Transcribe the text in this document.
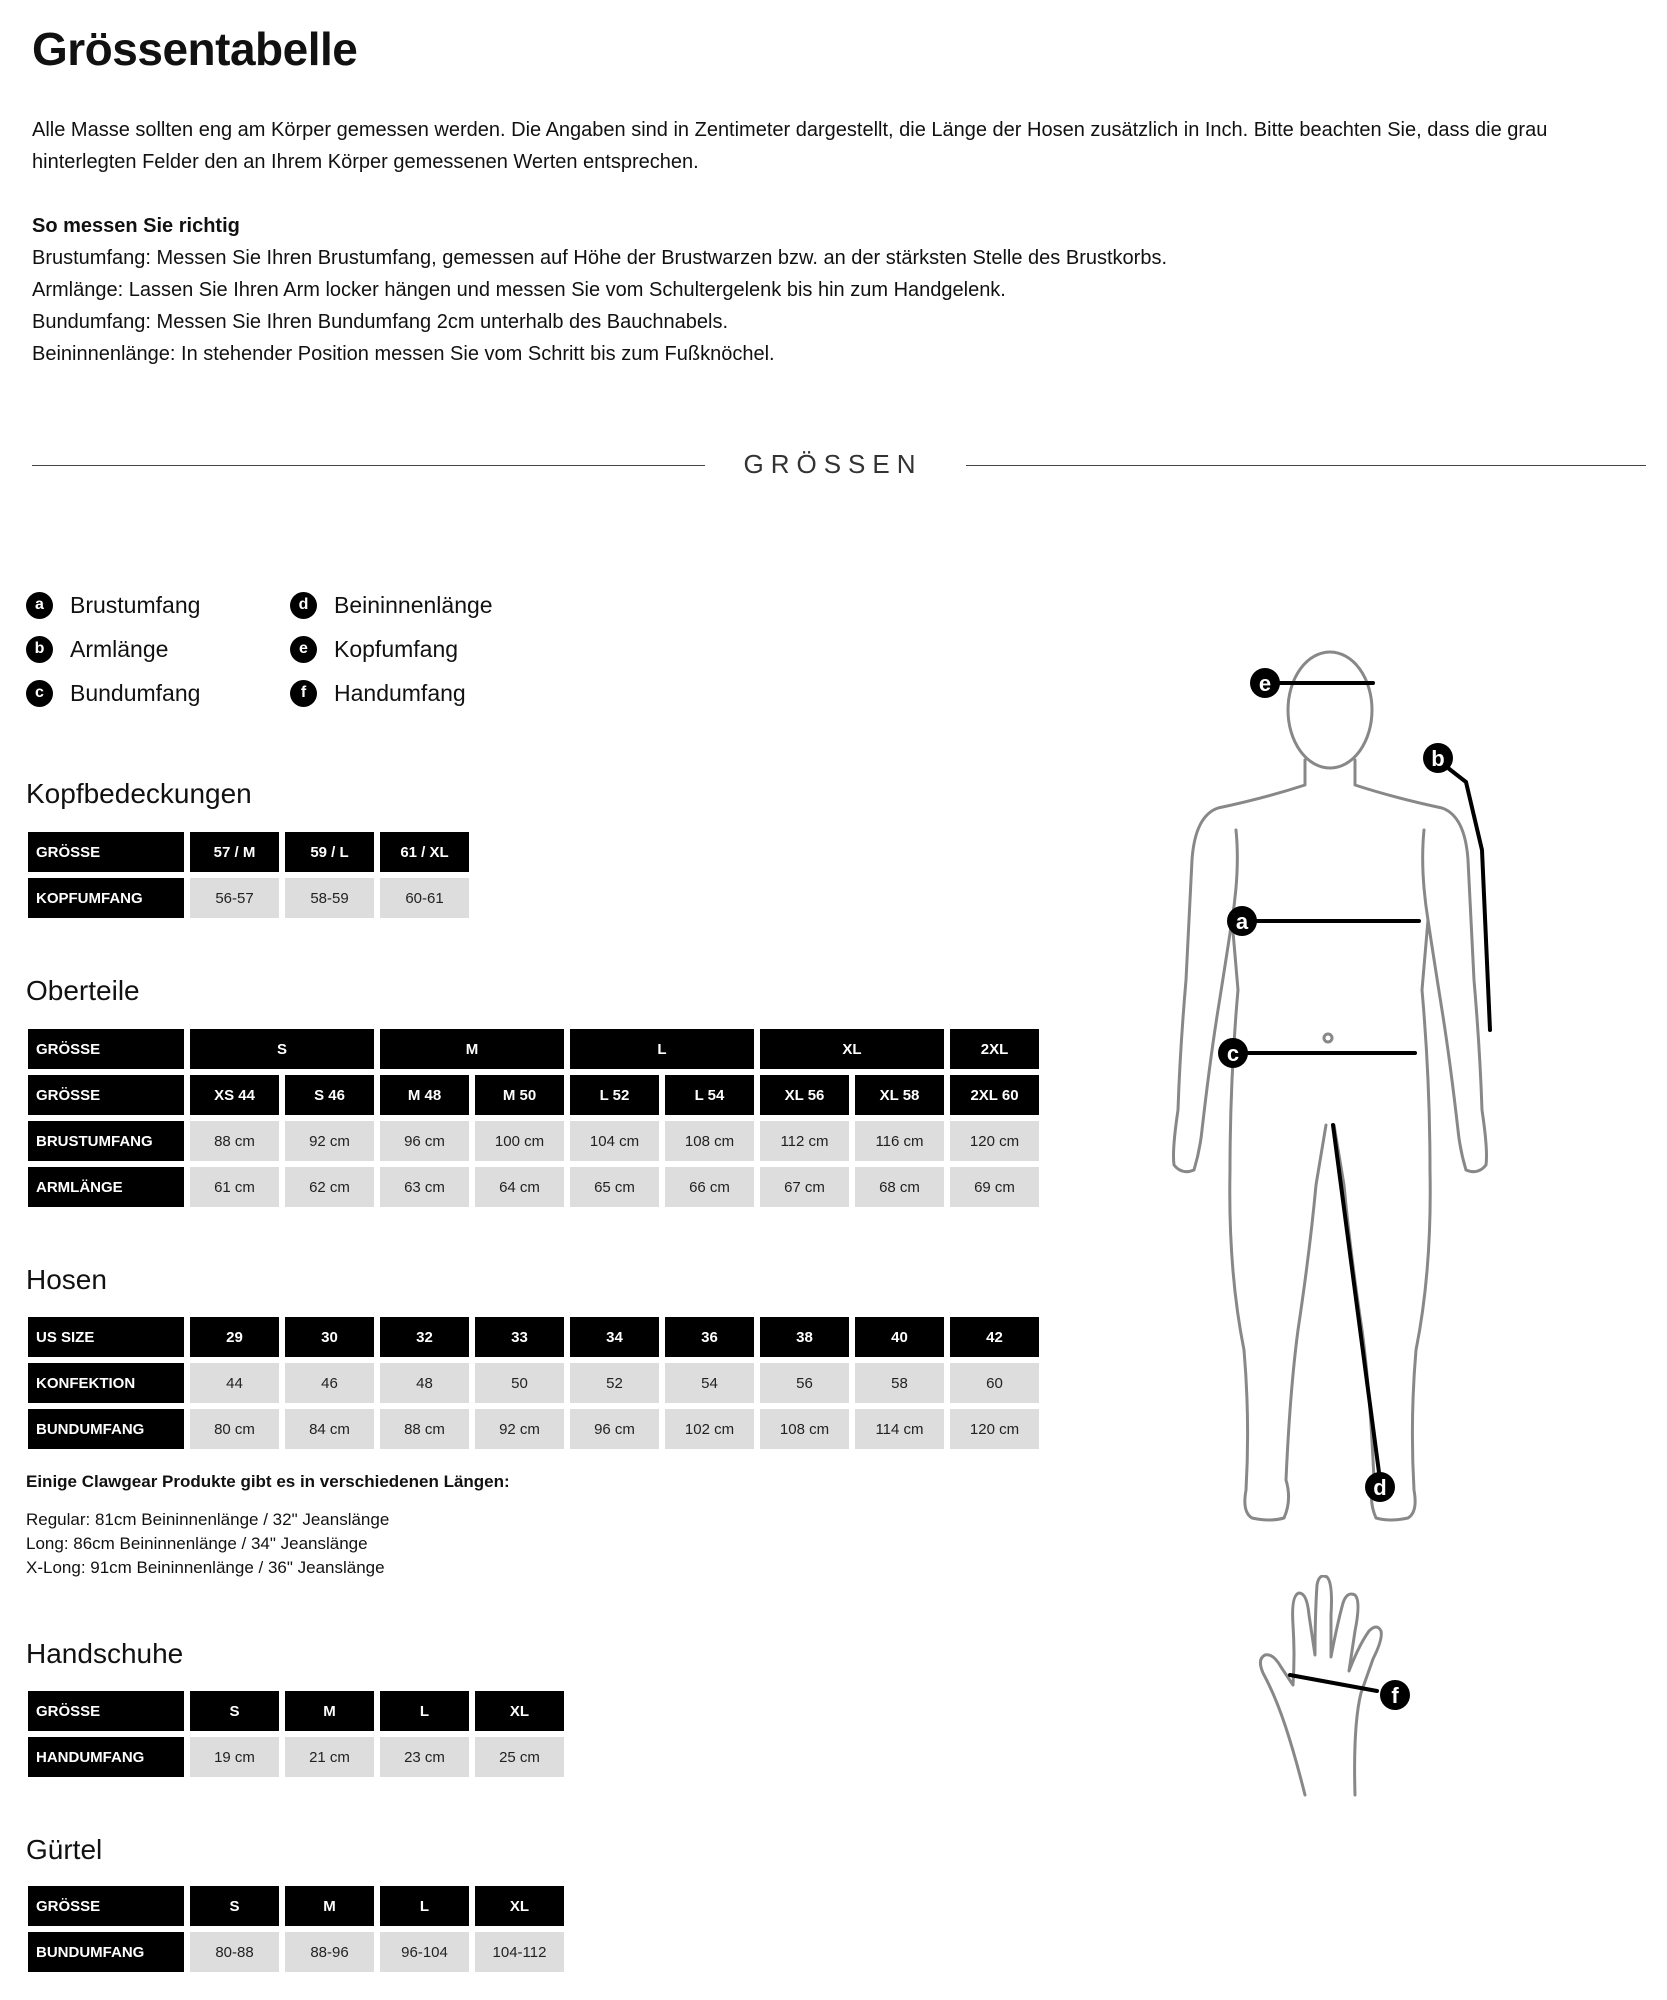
Grössentabelle

Alle Masse sollten eng am Körper gemessen werden. Die Angaben sind in Zentimeter dargestellt, die Länge der Hosen zusätzlich in Inch. Bitte beachten Sie, dass die grau hinterlegten Felder den an Ihrem Körper gemessenen Werten entsprechen.

So messen Sie richtig
Brustumfang: Messen Sie Ihren Brustumfang, gemessen auf Höhe der Brustwarzen bzw. an der stärksten Stelle des Brustkorbs.
Armlänge: Lassen Sie Ihren Arm locker hängen und messen Sie vom Schultergelenk bis hin zum Handgelenk.
Bundumfang: Messen Sie Ihren Bundumfang 2cm unterhalb des Bauchnabels.
Beininnenlänge: In stehender Position messen Sie vom Schritt bis zum Fußknöchel.
GRÖSSEN
a	Brustumfang
b	Armlänge
c	Bundumfang
d	Beininnenlänge
e	Kopfumfang
f	Handumfang
Kopfbedeckungen
GRÖSSE	57 / M	59 / L	61 / XL
KOPFUMFANG	56-57	58-59	60-61
Oberteile
GRÖSSE	S		M		L		XL		2XL
GRÖSSE	XS 44	S 46	M 48	M 50	L 52	L 54	XL 56	XL 58	2XL 60
BRUSTUMFANG	88 cm	92 cm	96 cm	100 cm	104 cm	108 cm	112 cm	116 cm	120 cm
ARMLÄNGE	61 cm	62 cm	63 cm	64 cm	65 cm	66 cm	67 cm	68 cm	69 cm
Hosen
US SIZE	29	30	32	33	34	36	38	40	42
KONFEKTION	44	46	48	50	52	54	56	58	60
BUNDUMFANG	80 cm	84 cm	88 cm	92 cm	96 cm	102 cm	108 cm	114 cm	120 cm
Einige Clawgear Produkte gibt es in verschiedenen Längen:
Regular: 81cm Beininnenlänge / 32" Jeanslänge
Long: 86cm Beininnenlänge / 34" Jeanslänge
X-Long: 91cm Beininnenlänge / 36" Jeanslänge
Handschuhe
GRÖSSE	S	M	L	XL
HANDUMFANG	19 cm	21 cm	23 cm	25 cm
Gürtel
GRÖSSE	S	M	L	XL
BUNDUMFANG	80-88	88-96	96-104	104-112
e
b
a
c
d
f
